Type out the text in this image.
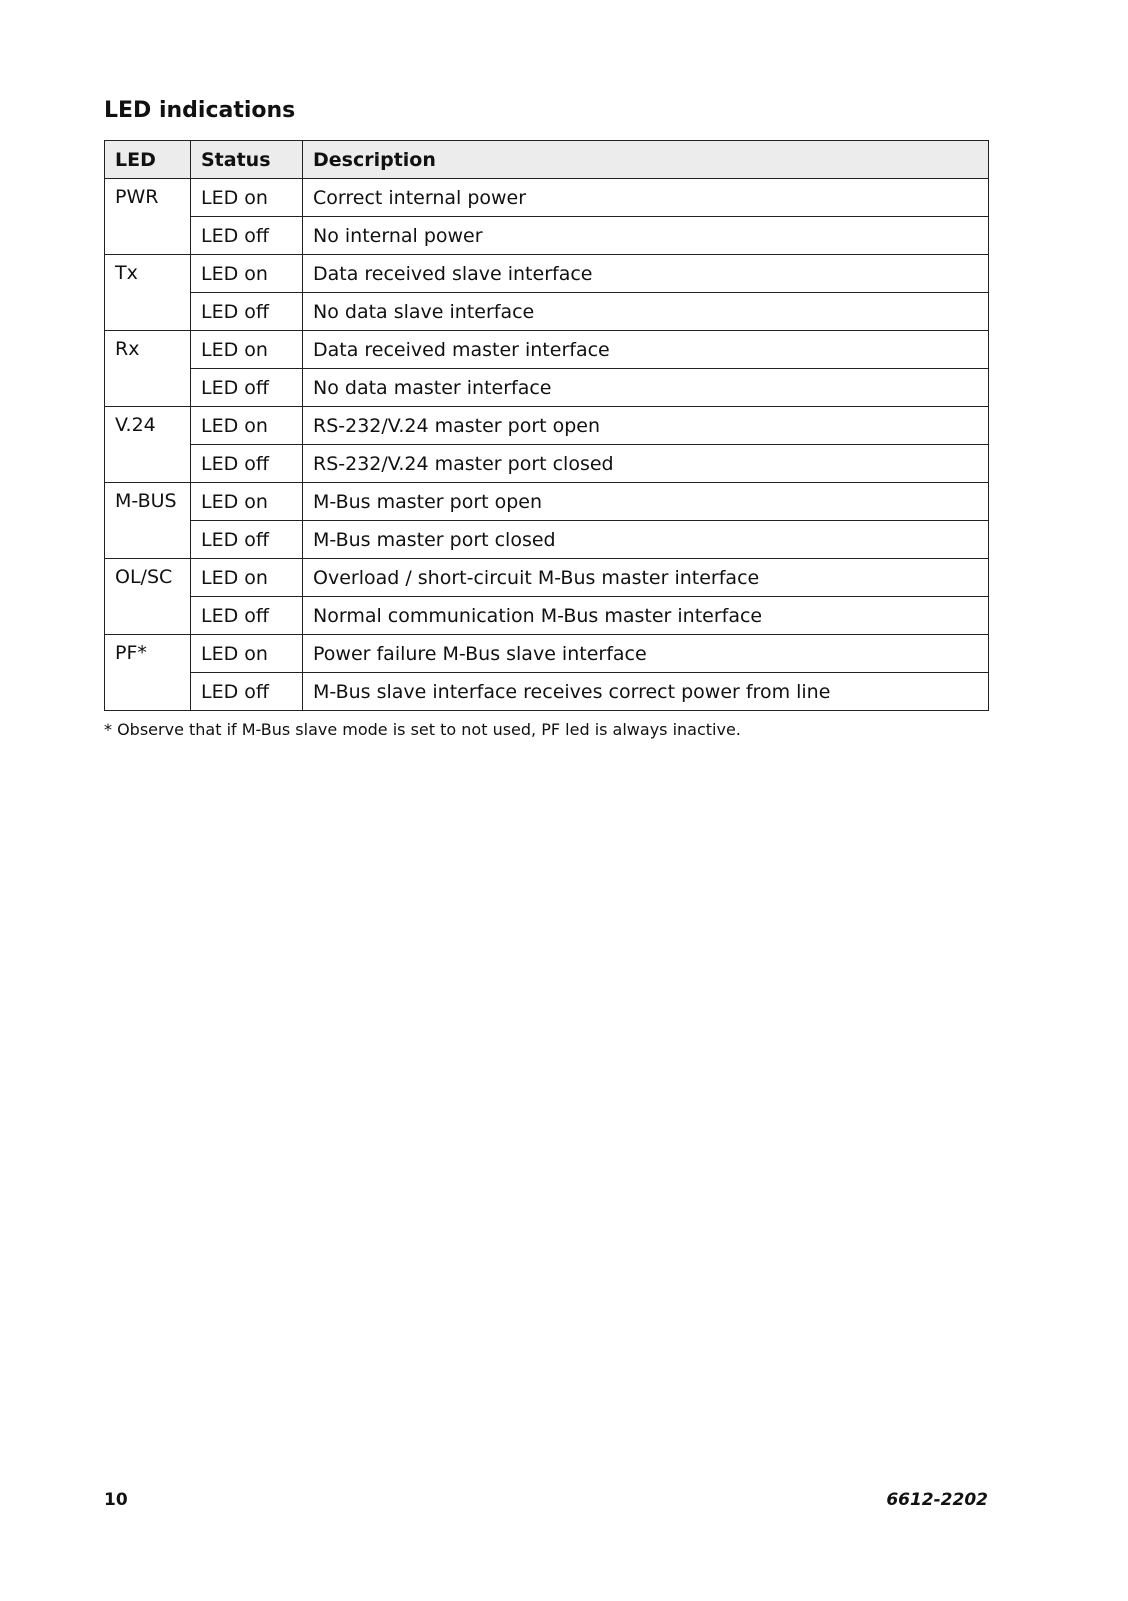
LED indications
LED	Status	Description
PWR	LED on	Correct internal power
	LED off	No internal power
Tx	LED on	Data received slave interface
	LED off	No data slave interface
Rx	LED on	Data received master interface
	LED off	No data master interface
V.24	LED on	RS-232/V.24 master port open
	LED off	RS-232/V.24 master port closed
M-BUS	LED on	M-Bus master port open
	LED off	M-Bus master port closed
OL/SC	LED on	Overload / short-circuit M-Bus master interface
	LED off	Normal communication M-Bus master interface
PF*	LED on	Power failure M-Bus slave interface
	LED off	M-Bus slave interface receives correct power from line

* Observe that if M-Bus slave mode is set to not used, PF led is always inactive.

10	6612-2202
